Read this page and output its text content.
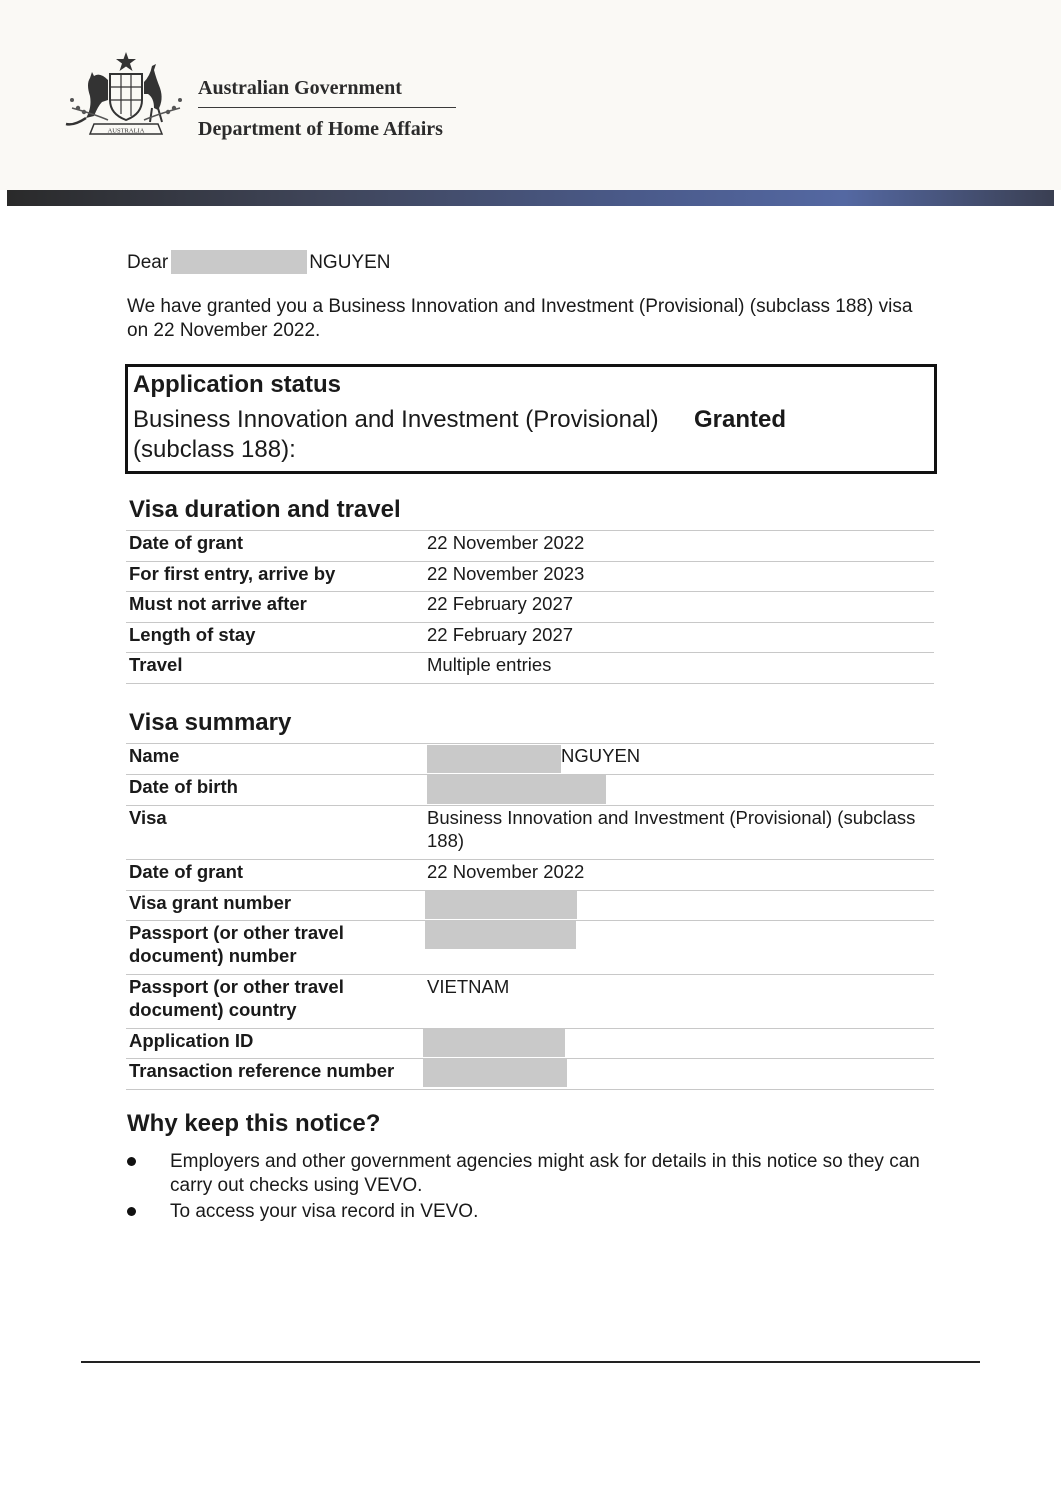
AUSTRALIA
Australian Government
Department of Home Affairs
Dear	NGUYEN
We have granted you a Business Innovation and Investment (Provisional) (subclass 188) visa on 22 November 2022.
Application status
Business Innovation and Investment (Provisional) (subclass 188):
Granted
Visa duration and travel
Date of grant	22 November 2022
For first entry, arrive by	22 November 2023
Must not arrive after	22 February 2027
Length of stay	22 February 2027
Travel	Multiple entries
Visa summary
Name	NGUYEN
Date of birth	
Visa	Business Innovation and Investment (Provisional) (subclass 188)
Date of grant	22 November 2022
Visa grant number	
Passport (or other travel document) number	
Passport (or other travel document) country	VIETNAM
Application ID	
Transaction reference number	
Why keep this notice?
Employers and other government agencies might ask for details in this notice so they can carry out checks using VEVO.
To access your visa record in VEVO.
